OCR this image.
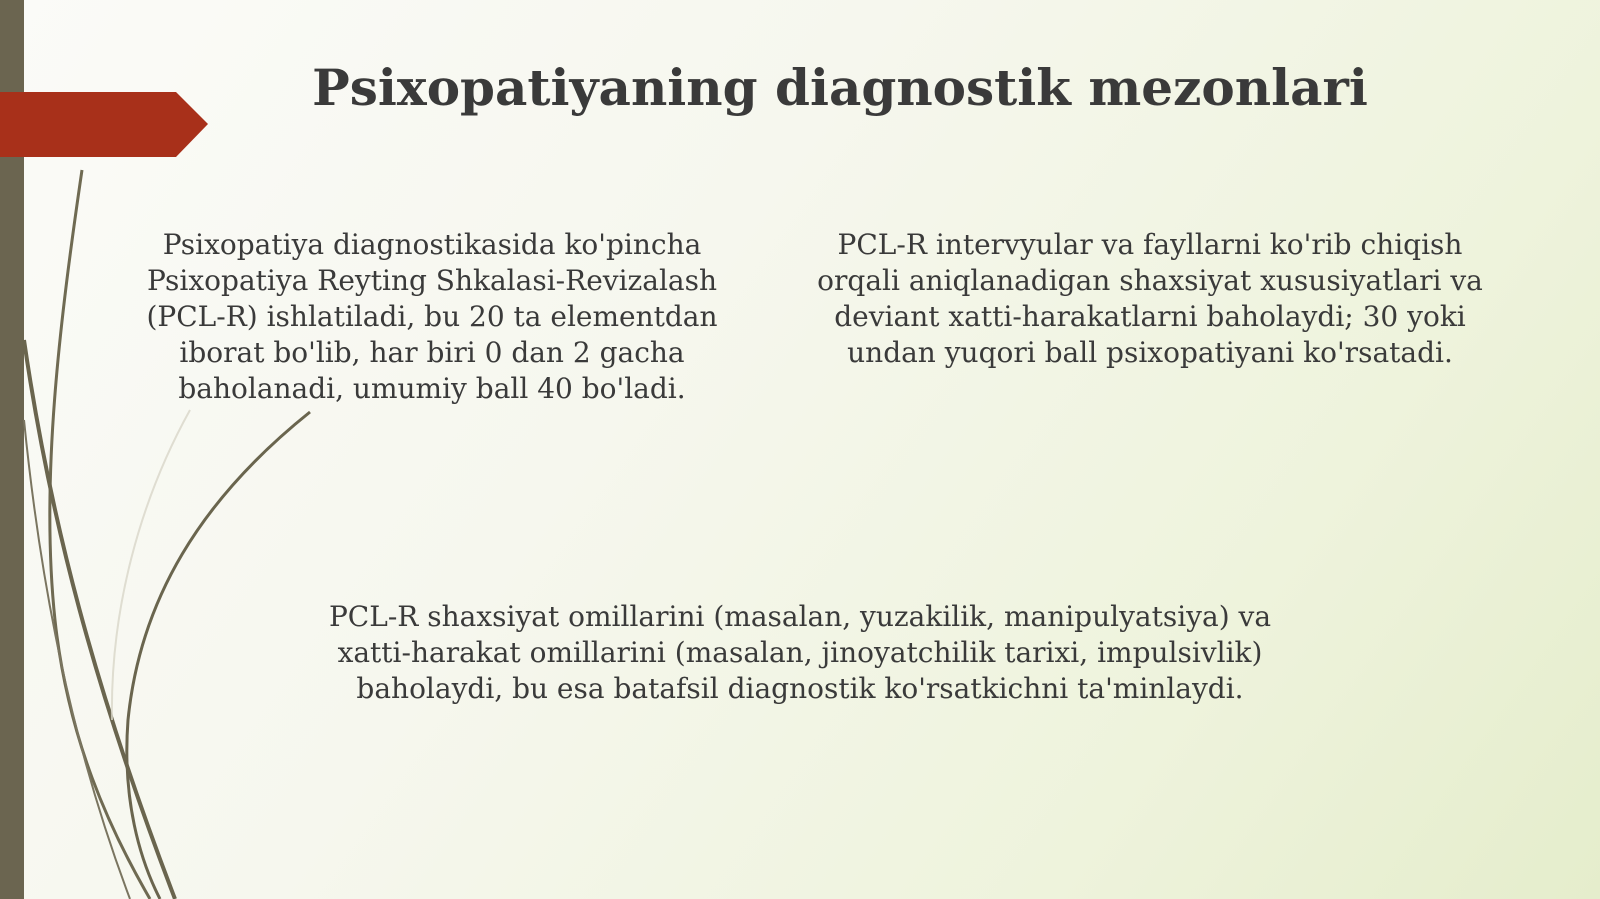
Psixopatiyaning diagnostik mezonlari

Psixopatiya diagnostikasida ko'pincha Psixopatiya Reyting Shkalasi-Revizalash (PCL-R) ishlatiladi, bu 20 ta elementdan iborat bo'lib, har biri 0 dan 2 gacha baholanadi, umumiy ball 40 bo'ladi.

PCL-R intervyular va fayllarni ko'rib chiqish orqali aniqlanadigan shaxsiyat xususiyatlari va deviant xatti-harakatlarni baholaydi; 30 yoki undan yuqori ball psixopatiyani ko'rsatadi.

PCL-R shaxsiyat omillarini (masalan, yuzakilik, manipulyatsiya) va xatti-harakat omillarini (masalan, jinoyatchilik tarixi, impulsivlik) baholaydi, bu esa batafsil diagnostik ko'rsatkichni ta'minlaydi.
